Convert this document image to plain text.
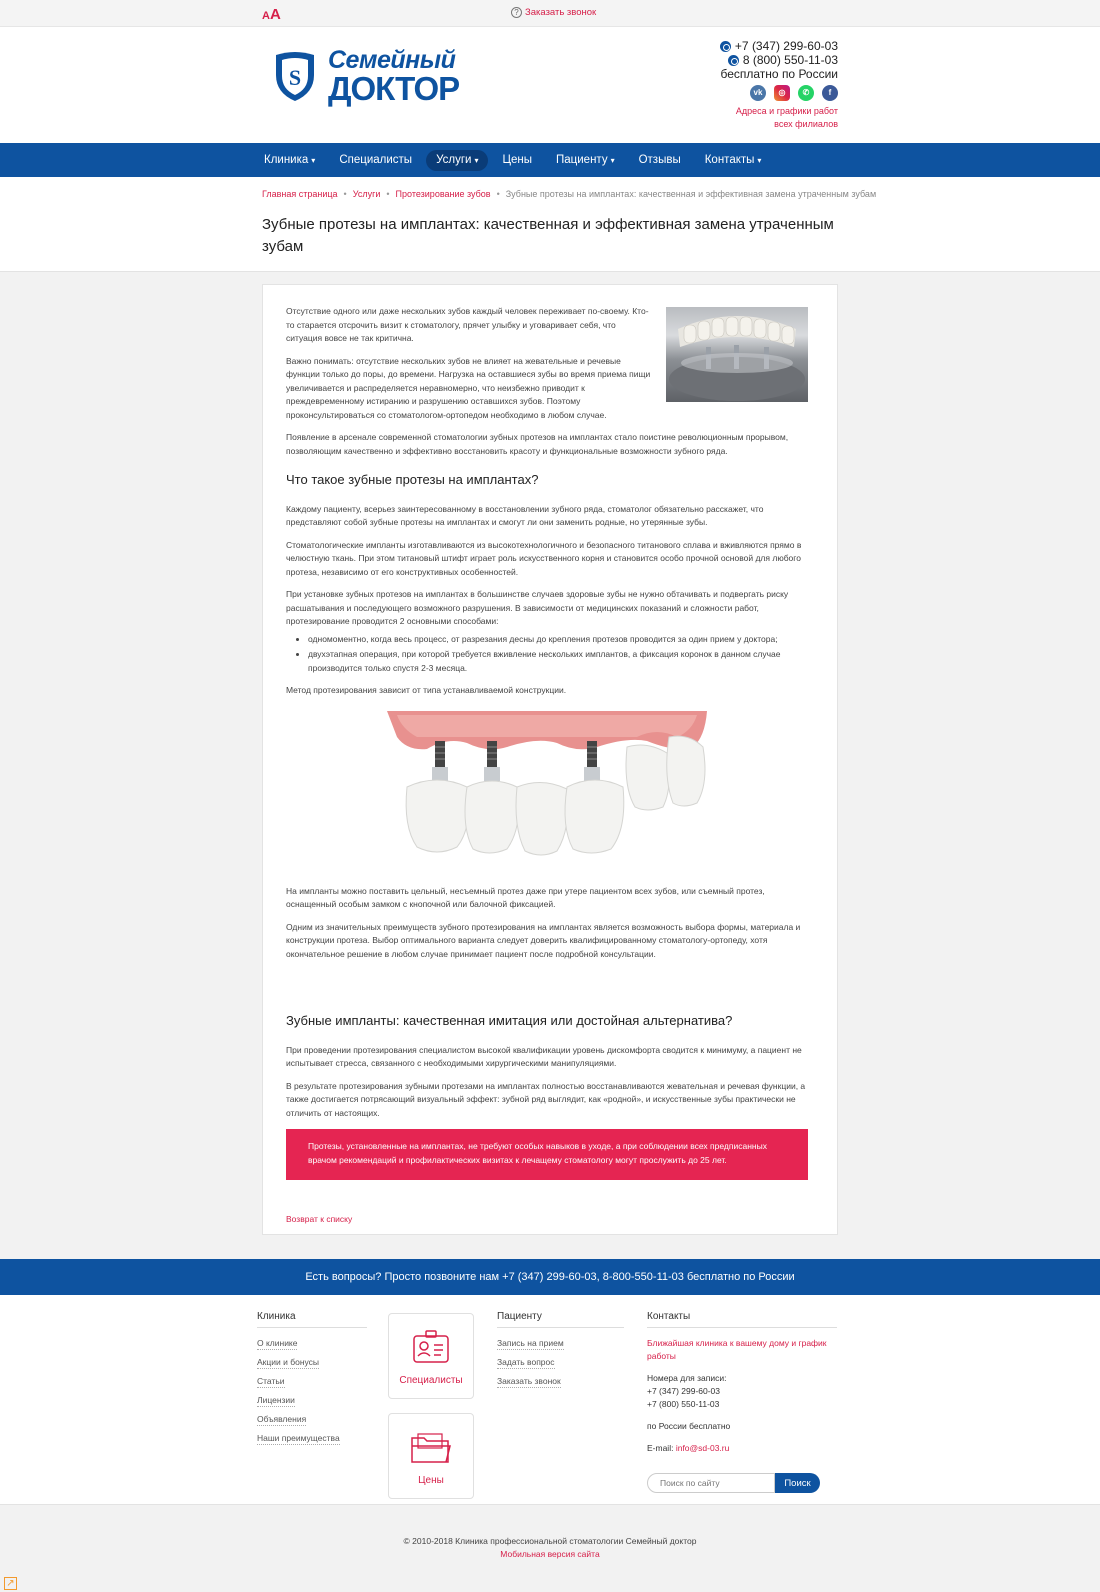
АА	? Заказать звонок
S
Семейный
ДОКТОР
+7 (347) 299-60-03
8 (800) 550-11-03
бесплатно по России
vk	◎	✆	f
Адреса и графики работ всех филиалов
Клиника ▾	Специалисты	Услуги ▾	Цены	Пациенту ▾	Отзывы	Контакты ▾
Главная страница • Услуги • Протезирование зубов • Зубные протезы на имплантах: качественная и эффективная замена утраченным зубам
Зубные протезы на имплантах: качественная и эффективная замена утраченным зубам

Отсутствие одного или даже нескольких зубов каждый человек переживает по-своему. Кто-то старается отсрочить визит к стоматологу, прячет улыбку и уговаривает себя, что ситуация вовсе не так критична.

Важно понимать: отсутствие нескольких зубов не влияет на жевательные и речевые функции только до поры, до времени. Нагрузка на оставшиеся зубы во время приема пищи увеличивается и распределяется неравномерно, что неизбежно приводит к преждевременному истиранию и разрушению оставшихся зубов. Поэтому проконсультироваться со стоматологом-ортопедом необходимо в любом случае.

Появление в арсенале современной стоматологии зубных протезов на имплантах стало поистине революционным прорывом, позволяющим качественно и эффективно восстановить красоту и функциональные возможности зубного ряда.

Что такое зубные протезы на имплантах?

Каждому пациенту, всерьез заинтересованному в восстановлении зубного ряда, стоматолог обязательно расскажет, что представляют собой зубные протезы на имплантах и смогут ли они заменить родные, но утерянные зубы.

Стоматологические импланты изготавливаются из высокотехнологичного и безопасного титанового сплава и вживляются прямо в челюстную ткань. При этом титановый штифт играет роль искусственного корня и становится особо прочной основой для любого протеза, независимо от его конструктивных особенностей.

При установке зубных протезов на имплантах в большинстве случаев здоровые зубы не нужно обтачивать и подвергать риску расшатывания и последующего возможного разрушения. В зависимости от медицинских показаний и сложности работ, протезирование проводится 2 основными способами:

• одномоментно, когда весь процесс, от разрезания десны до крепления протезов проводится за один прием у доктора;
• двухэтапная операция, при которой требуется вживление нескольких имплантов, а фиксация коронок в данном случае производится только спустя 2-3 месяца.

Метод протезирования зависит от типа устанавливаемой конструкции.

На импланты можно поставить цельный, несъемный протез даже при утере пациентом всех зубов, или съемный протез, оснащенный особым замком с кнопочной или балочной фиксацией.

Одним из значительных преимуществ зубного протезирования на имплантах является возможность выбора формы, материала и конструкции протеза. Выбор оптимального варианта следует доверить квалифицированному стоматологу-ортопеду, хотя окончательное решение в любом случае принимает пациент после подробной консультации.

Зубные импланты: качественная имитация или достойная альтернатива?

При проведении протезирования специалистом высокой квалификации уровень дискомфорта сводится к минимуму, а пациент не испытывает стресса, связанного с необходимыми хирургическими манипуляциями.

В результате протезирования зубными протезами на имплантах полностью восстанавливаются жевательная и речевая функции, а также достигается потрясающий визуальный эффект: зубной ряд выглядит, как «родной», и искусственные зубы практически не отличить от настоящих.

Протезы, установленные на имплантах, не требуют особых навыков в уходе, а при соблюдении всех предписанных врачом рекомендаций и профилактических визитах к лечащему стоматологу могут прослужить до 25 лет.
Возврат к списку
Есть вопросы? Просто позвоните нам +7 (347) 299-60-03, 8-800-550-11-03 бесплатно по России
Клиника
О клинике
Акции и бонусы
Статьи
Лицензии
Объявления
Наши преимущества
Специалисты
Цены
Пациенту
Запись на прием
Задать вопрос
Заказать звонок
Контакты
Ближайшая клиника к вашему дому и график работы
Номера для записи:
+7 (347) 299-60-03
+7 (800) 550-11-03
по России бесплатно
E-mail: info@sd-03.ru
Поиск по сайту
Поиск
© 2010-2018 Клиника профессиональной стоматологии Семейный доктор
Мобильная версия сайта
↗
